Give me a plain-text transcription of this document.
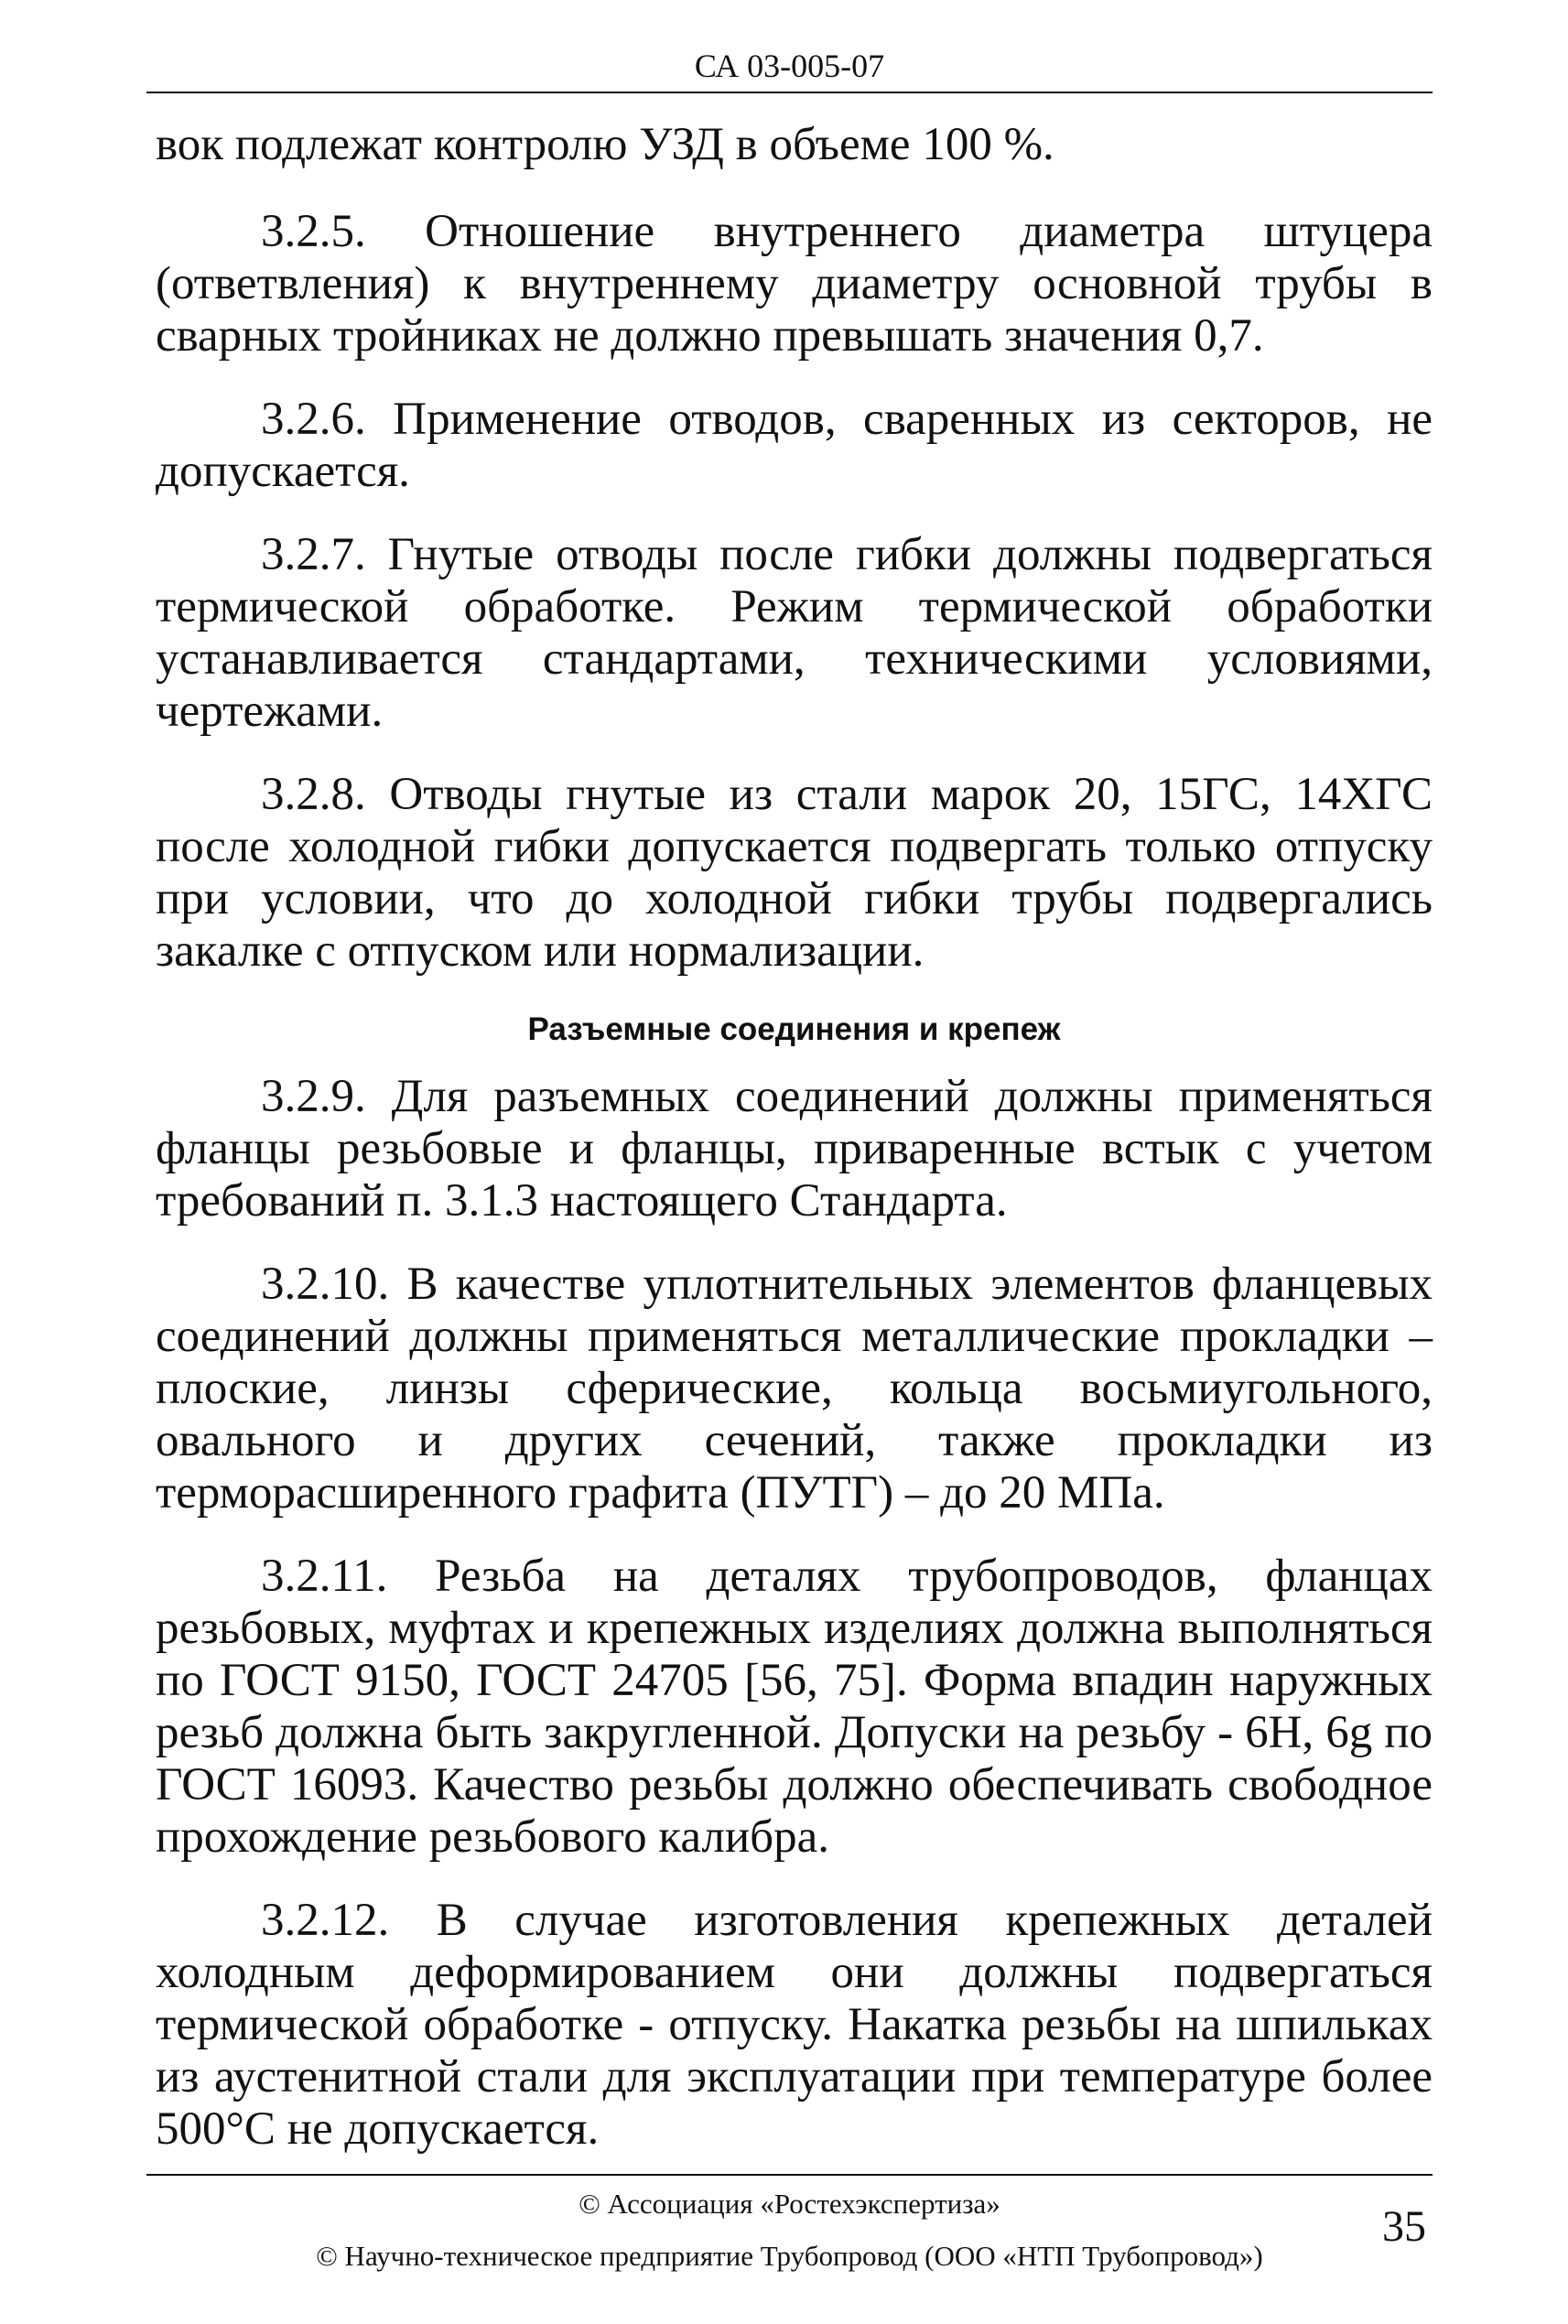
СА 03-005-07

вок подлежат контролю УЗД в объеме 100 %.

3.2.5. Отношение внутреннего диаметра штуцера (ответвления) к внутреннему диаметру основной трубы в сварных тройниках не должно превышать значения 0,7.

3.2.6. Применение отводов, сваренных из секторов, не допускается.

3.2.7. Гнутые отводы после гибки должны подвергаться термической обработке. Режим термической обработки устанавливается стандартами, техническими условиями, чертежами.

3.2.8. Отводы гнутые из стали марок 20, 15ГС, 14ХГС после холодной гибки допускается подвергать только отпуску при условии, что до холодной гибки трубы подвергались закалке с отпуском или нормализации.

Разъемные соединения и крепеж

3.2.9. Для разъемных соединений должны применяться фланцы резьбовые и фланцы, приваренные встык с учетом требований п. 3.1.3 настоящего Стандарта.

3.2.10. В качестве уплотнительных элементов фланцевых соединений должны применяться металлические прокладки – плоские, линзы сферические, кольца восьмиугольного, овального и других сечений, также прокладки из терморасширенного графита (ПУТГ) – до 20 МПа.

3.2.11. Резьба на деталях трубопроводов, фланцах резьбовых, муфтах и крепежных изделиях должна выполняться по ГОСТ 9150, ГОСТ 24705 [56, 75]. Форма впадин наружных резьб должна быть закругленной. Допуски на резьбу - 6H, 6g по ГОСТ 16093. Качество резьбы должно обеспечивать свободное прохождение резьбового калибра.

3.2.12. В случае изготовления крепежных деталей холодным деформированием они должны подвергаться термической обработке - отпуску. Накатка резьбы на шпильках из аустенитной стали для эксплуатации при температуре более 500°С не допускается.

© Ассоциация «Ростехэкспертиза»
© Научно-техническое предприятие Трубопровод (ООО «НТП Трубопровод»)
35
